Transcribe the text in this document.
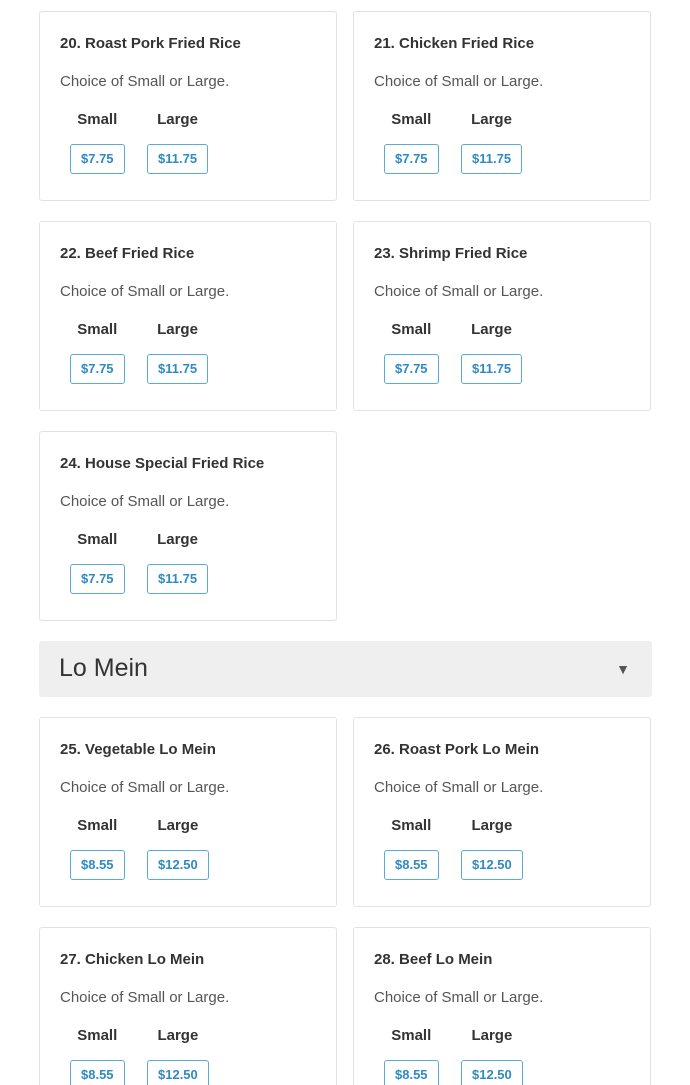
20. Roast Pork Fried Rice
Choice of Small or Large.
Small
$7.75
Large
$11.75
21. Chicken Fried Rice
Choice of Small or Large.
Small
$7.75
Large
$11.75
22. Beef Fried Rice
Choice of Small or Large.
Small
$7.75
Large
$11.75
23. Shrimp Fried Rice
Choice of Small or Large.
Small
$7.75
Large
$11.75
24. House Special Fried Rice
Choice of Small or Large.
Small
$7.75
Large
$11.75
Lo Mein	▼
25. Vegetable Lo Mein
Choice of Small or Large.
Small
$8.55
Large
$12.50
26. Roast Pork Lo Mein
Choice of Small or Large.
Small
$8.55
Large
$12.50
27. Chicken Lo Mein
Choice of Small or Large.
Small
$8.55
Large
$12.50
28. Beef Lo Mein
Choice of Small or Large.
Small
$8.55
Large
$12.50
